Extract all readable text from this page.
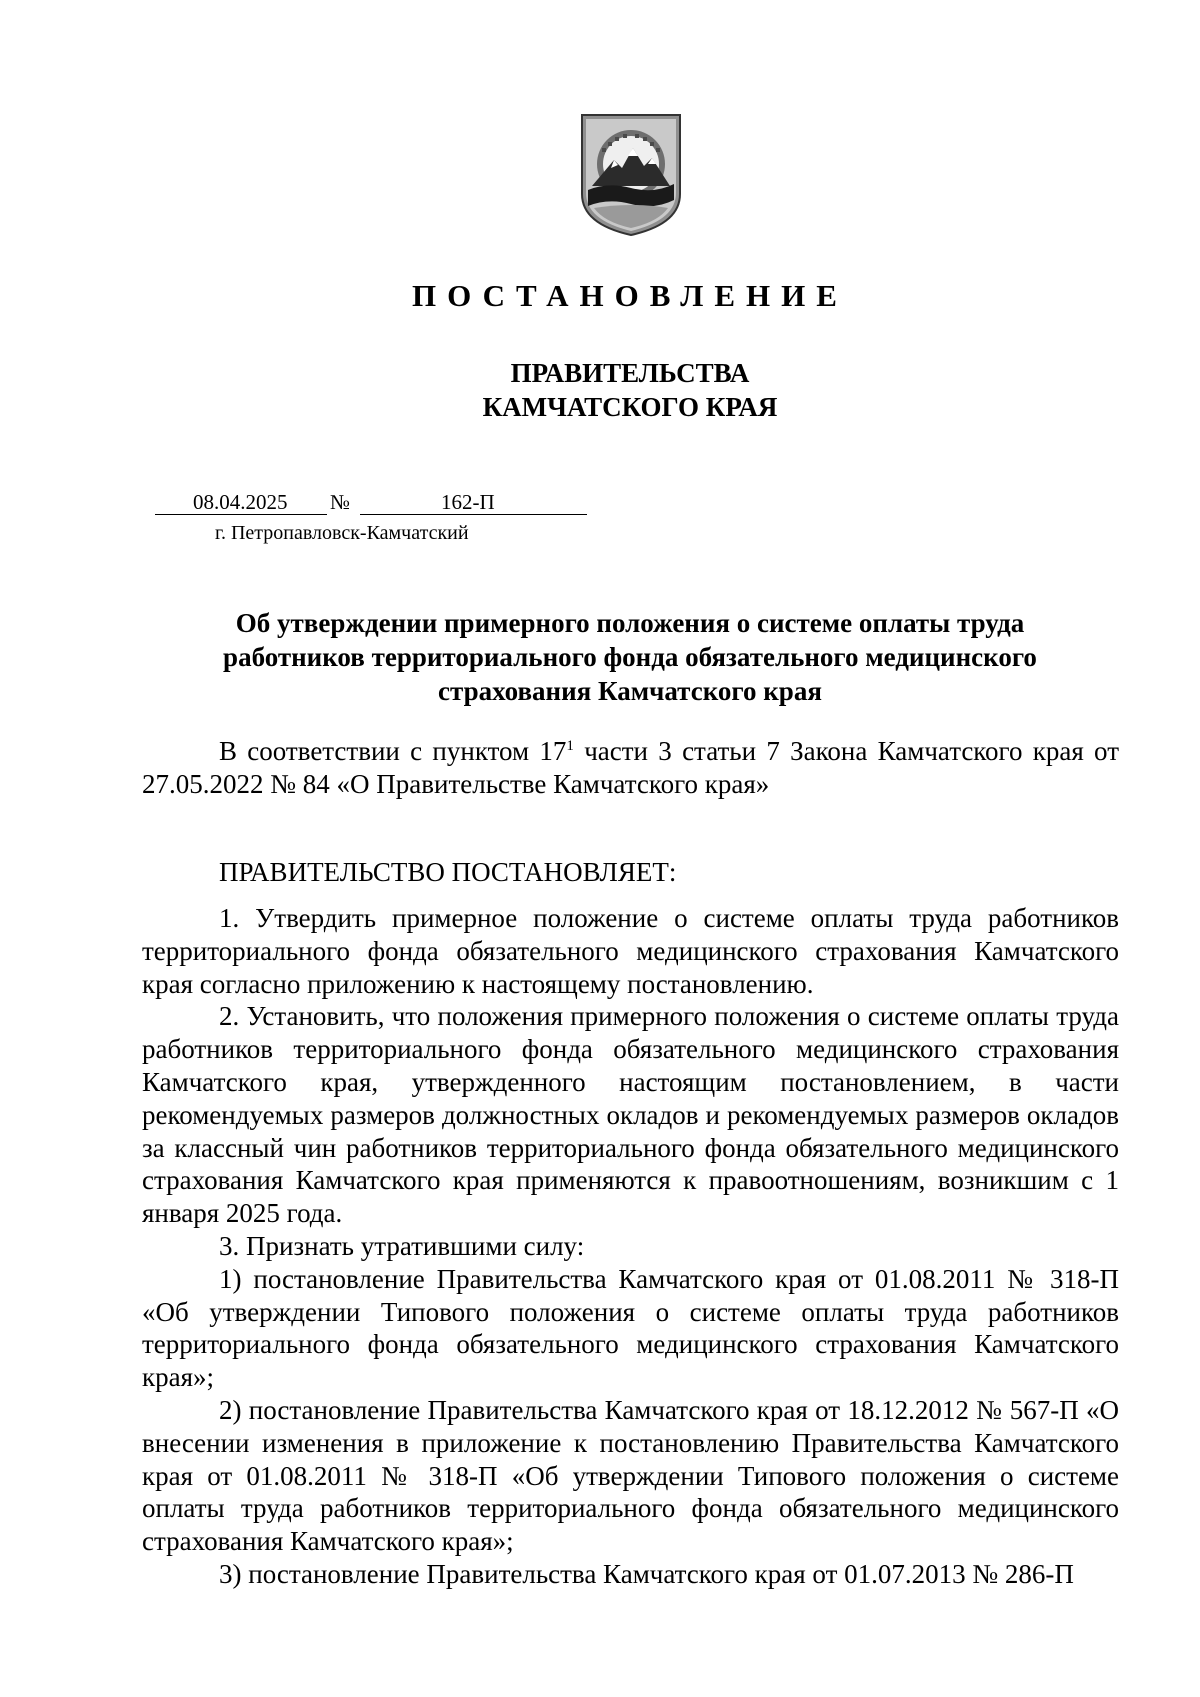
ПОСТАНОВЛЕНИЕ
ПРАВИТЕЛЬСТВА
КАМЧАТСКОГО КРАЯ
08.04.2025 №	162-П
г. Петропавловск-Камчатский
Об утверждении примерного положения о системе оплаты труда
работников территориального фонда обязательного медицинского
страхования Камчатского края
В соответствии с пунктом $17^1$ части 3 статьи 7 Закона Камчатского края от 27.05.2022 № 84 «О Правительстве Камчатского края»
ПРАВИТЕЛЬСТВО ПОСТАНОВЛЯЕТ:
1. Утвердить примерное положение о системе оплаты труда работников территориального фонда обязательного медицинского страхования Камчатского края согласно приложению к настоящему постановлению.
2. Установить, что положения примерного положения о системе оплаты труда работников территориального фонда обязательного медицинского страхования Камчатского края, утвержденного настоящим постановлением, в части рекомендуемых размеров должностных окладов и рекомендуемых размеров окладов за классный чин работников территориального фонда обязательного медицинского страхования Камчатского края применяются к правоотношениям, возникшим с 1 января 2025 года.
3. Признать утратившими силу:
1) постановление Правительства Камчатского края от 01.08.2011 № 318-П «Об утверждении Типового положения о системе оплаты труда работников территориального фонда обязательного медицинского страхования Камчатского края»;
2) постановление Правительства Камчатского края от 18.12.2012 № 567-П «О внесении изменения в приложение к постановлению Правительства Камчатского края от 01.08.2011 № 318-П «Об утверждении Типового положения о системе оплаты труда работников территориального фонда обязательного медицинского страхования Камчатского края»;
3) постановление Правительства Камчатского края от 01.07.2013 № 286-П
